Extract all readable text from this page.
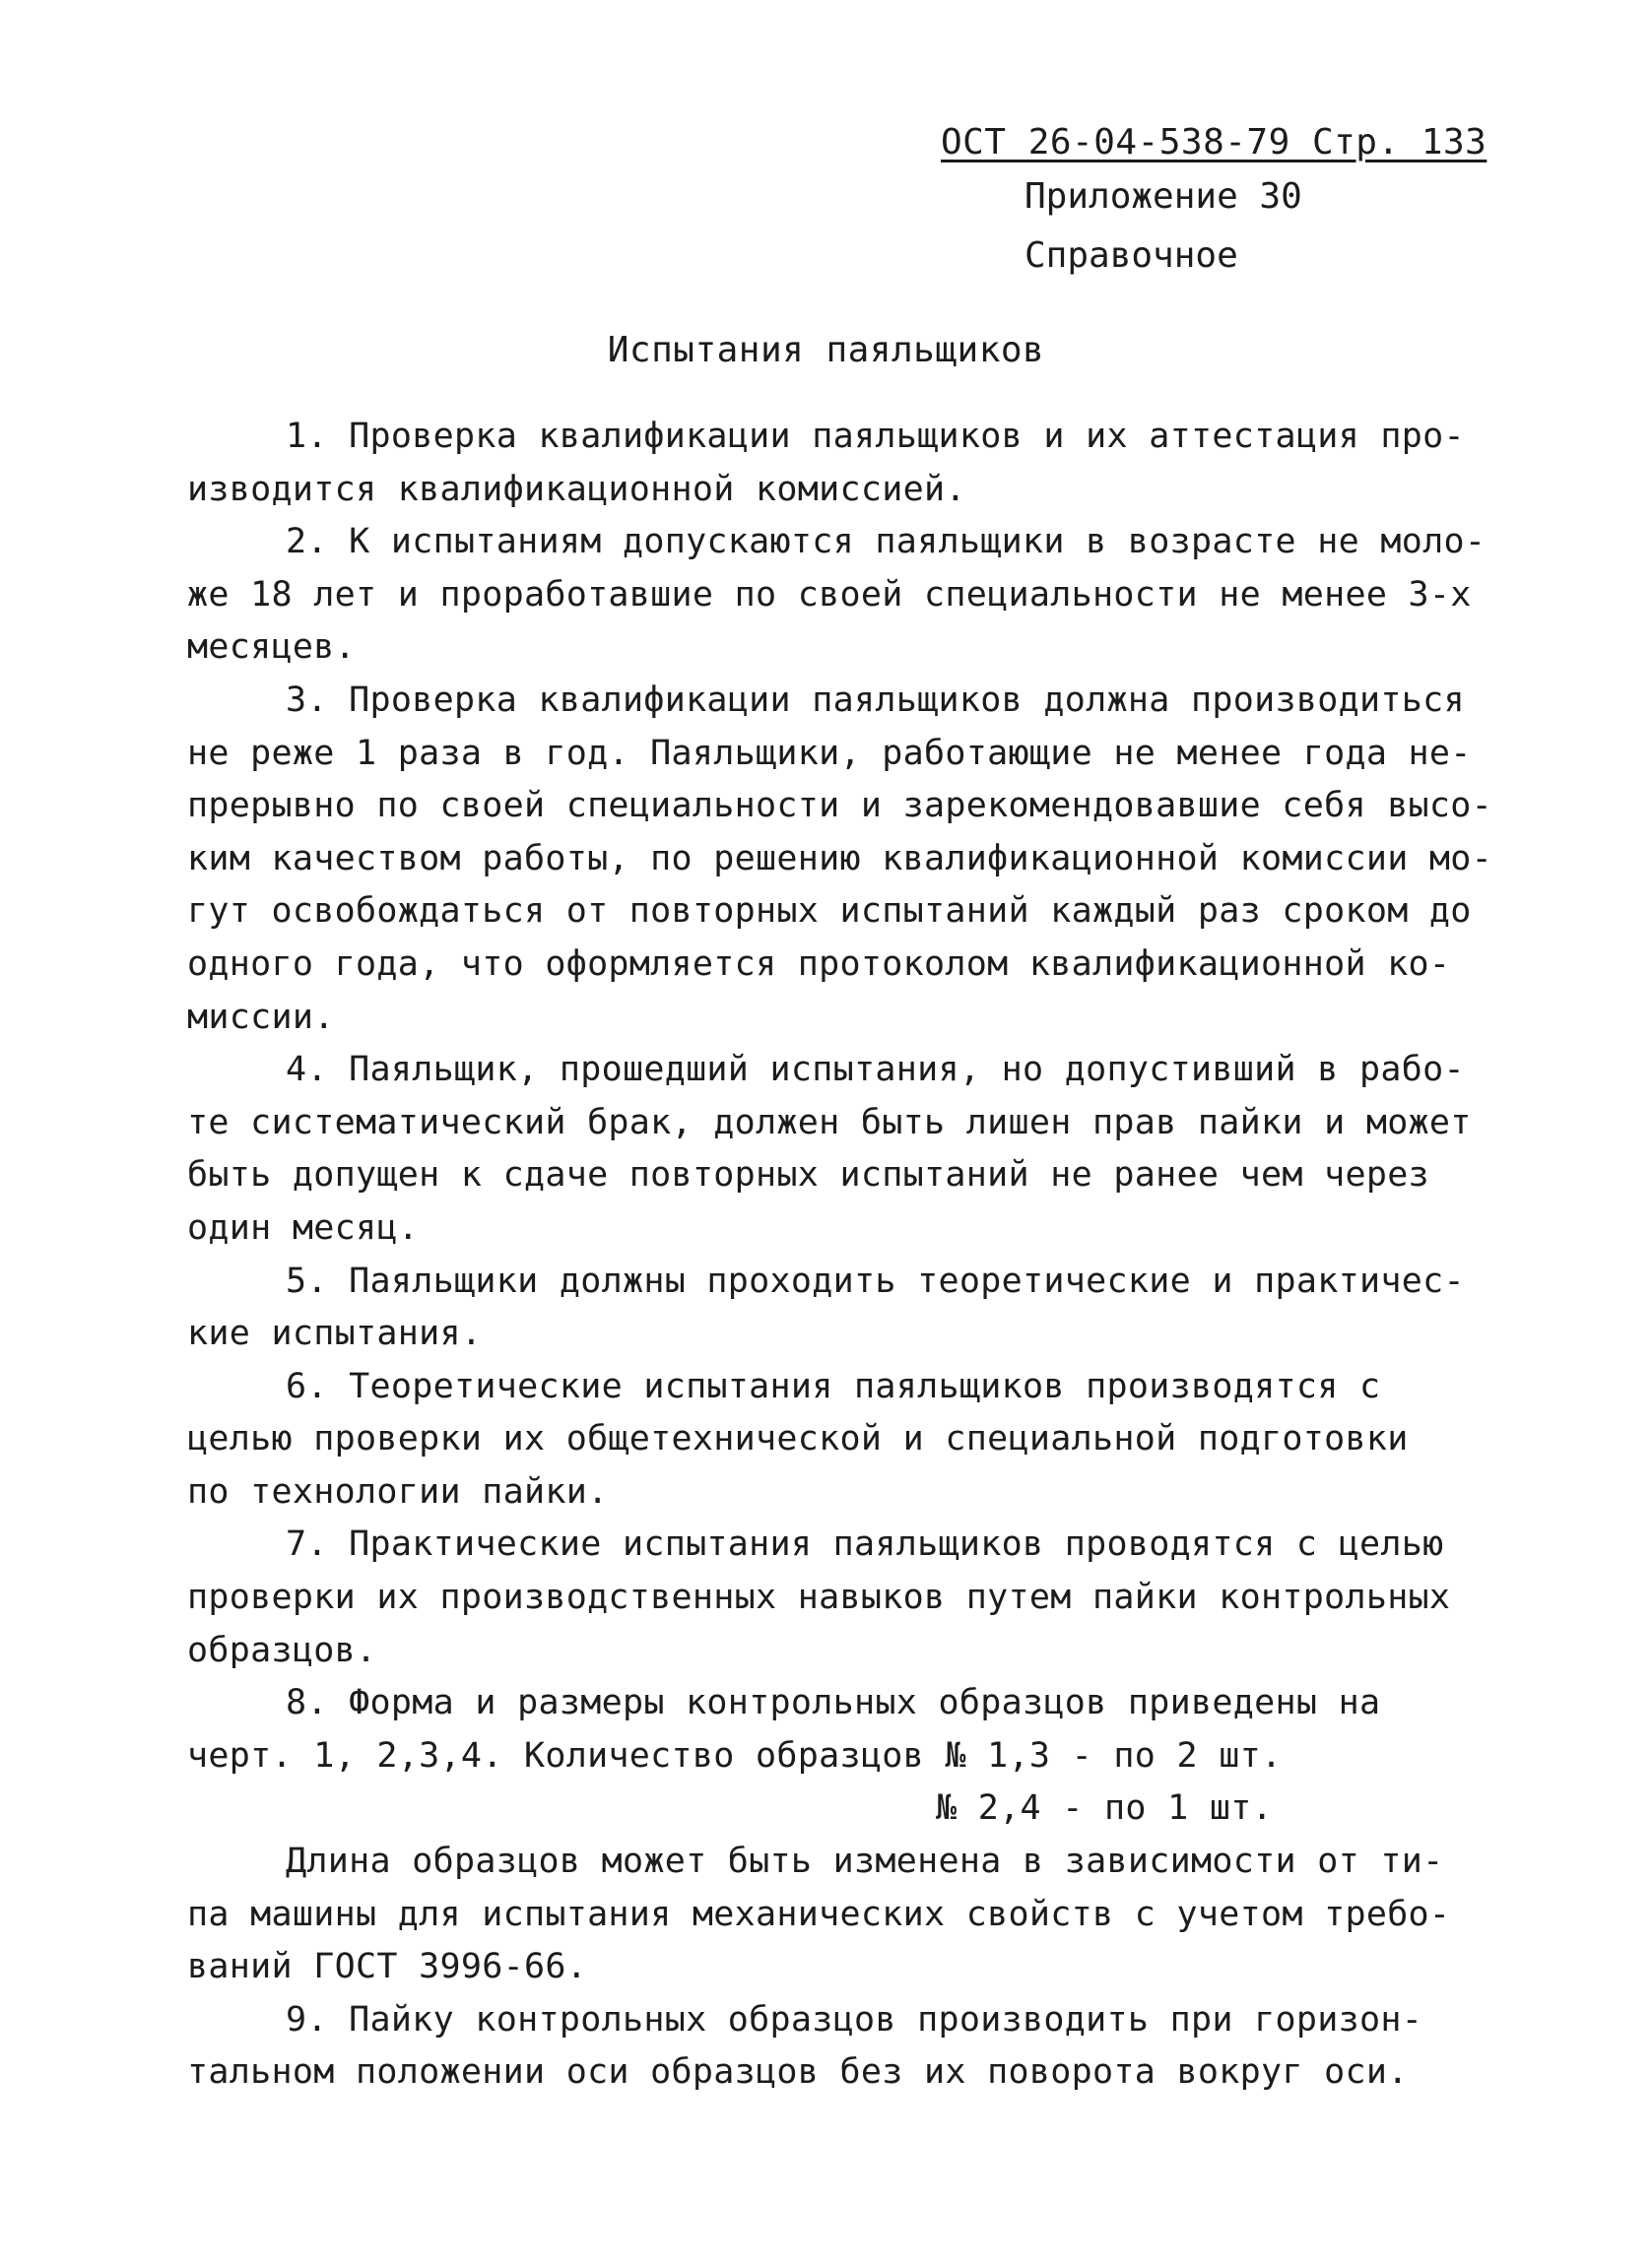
ОСТ 26-04-538-79 Стр. 133
Приложение 30
Справочное
Испытания паяльщиков
1. Проверка квалификации паяльщиков и их аттестация про-
изводится квалификационной комиссией.
2. К испытаниям допускаются паяльщики в возрасте не моло-
же 18 лет и проработавшие по своей специальности не менее 3-х
месяцев.
3. Проверка квалификации паяльщиков должна производиться
не реже 1 раза в год. Паяльщики, работающие не менее года не-
прерывно по своей специальности и зарекомендовавшие себя высо-
ким качеством работы, по решению квалификационной комиссии мо-
гут освобождаться от повторных испытаний каждый раз сроком до
одного года, что оформляется протоколом квалификационной ко-
миссии.
4. Паяльщик, прошедший испытания, но допустивший в рабо-
те систематический брак, должен быть лишен прав пайки и может
быть допущен к сдаче повторных испытаний не ранее чем через
один месяц.
5. Паяльщики должны проходить теоретические и практичес-
кие испытания.
6. Теоретические испытания паяльщиков производятся с
целью проверки их общетехнической и специальной подготовки
по технологии пайки.
7. Практические испытания паяльщиков проводятся с целью
проверки их производственных навыков путем пайки контрольных
образцов.
8. Форма и размеры контрольных образцов приведены на
черт. 1, 2,3,4. Количество образцов № 1,3 - по 2 шт.
№ 2,4 - по 1 шт.
Длина образцов может быть изменена в зависимости от ти-
па машины для испытания механических свойств с учетом требо-
ваний ГОСТ 3996-66.
9. Пайку контрольных образцов производить при горизон-
тальном положении оси образцов без их поворота вокруг оси.
